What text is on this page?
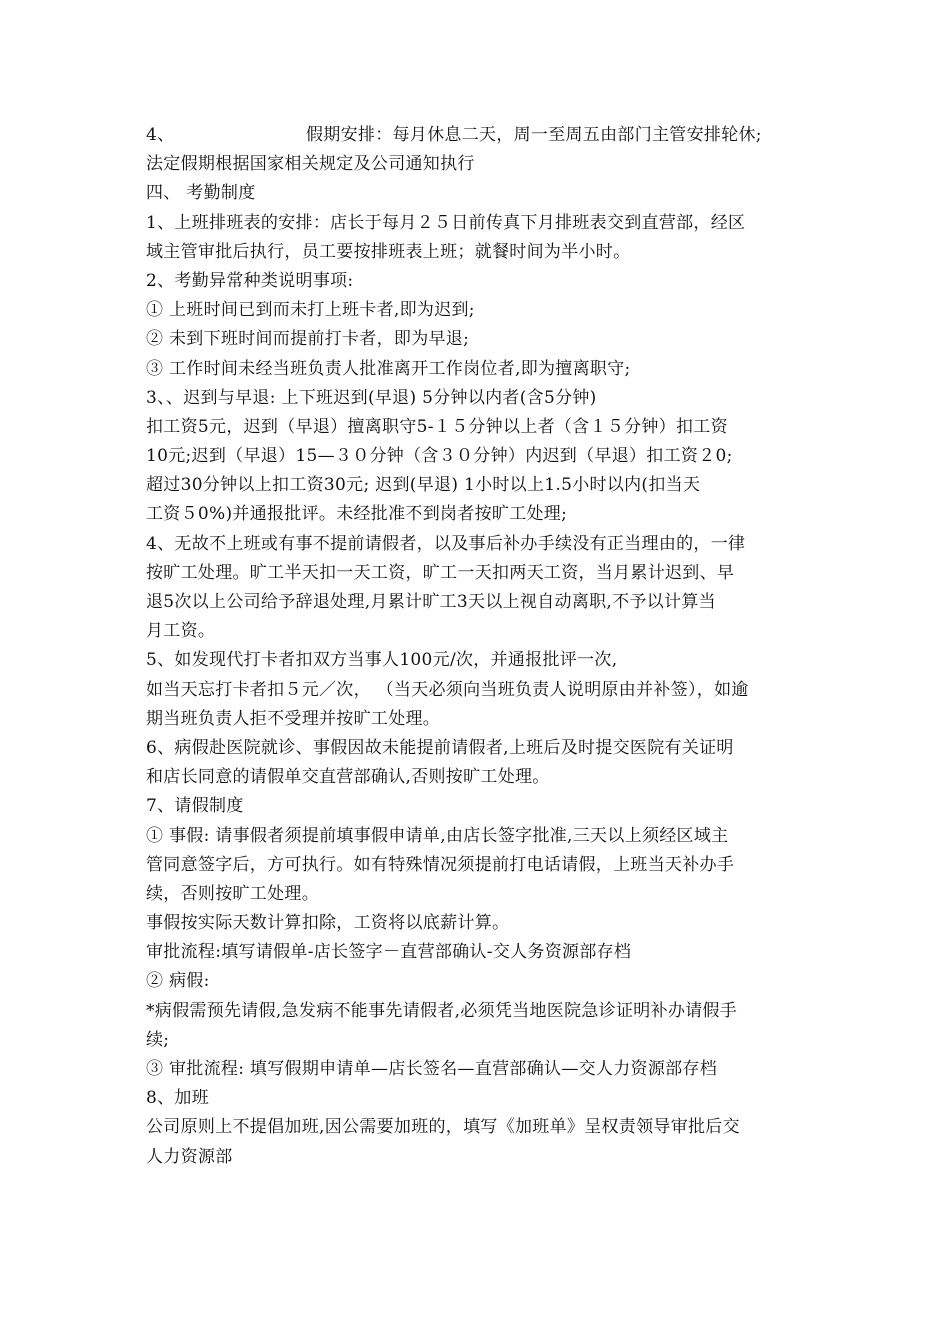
4、	假期安排：每月休息二天，周一至周五由部门主管安排轮休;
法定假期根据国家相关规定及公司通知执行
四、 考勤制度
1、上班排班表的安排：店长于每月２５日前传真下月排班表交到直营部，经区
域主管审批后执行，员工要按排班表上班；就餐时间为半小时。
2、考勤异常种类说明事项:
① 上班时间已到而未打上班卡者,即为迟到;
② 未到下班时间而提前打卡者，即为早退;
③ 工作时间未经当班负责人批准离开工作岗位者,即为擅离职守;
3、、迟到与早退: 上下班迟到(早退) 5分钟以内者(含5分钟)
扣工资5元，迟到（早退）擅离职守5-１５分钟以上者（含１５分钟）扣工资
10元;迟到（早退）15—３０分钟（含３０分钟）内迟到（早退）扣工资２0;
超过30分钟以上扣工资30元; 迟到(早退) 1小时以上1.5小时以内(扣当天
工资５0%)并通报批评。未经批准不到岗者按旷工处理;
4、无故不上班或有事不提前请假者，以及事后补办手续没有正当理由的，一律
按旷工处理。旷工半天扣一天工资，旷工一天扣两天工资，当月累计迟到、早
退5次以上公司给予辞退处理,月累计旷工3天以上视自动离职,不予以计算当
月工资。
5、如发现代打卡者扣双方当事人100元/次，并通报批评一次,
如当天忘打卡者扣５元／次， （当天必须向当班负责人说明原由并补签），如逾
期当班负责人拒不受理并按旷工处理。
6、病假赴医院就诊、事假因故未能提前请假者,上班后及时提交医院有关证明
和店长同意的请假单交直营部确认,否则按旷工处理。
7、请假制度
① 事假: 请事假者须提前填事假申请单,由店长签字批准,三天以上须经区域主
管同意签字后，方可执行。如有特殊情况须提前打电话请假，上班当天补办手
续，否则按旷工处理。
事假按实际天数计算扣除，工资将以底薪计算。
审批流程:填写请假单-店长签字－直营部确认-交人务资源部存档
② 病假:
*病假需预先请假,急发病不能事先请假者,必须凭当地医院急诊证明补办请假手
续;
③ 审批流程: 填写假期申请单—店长签名—直营部确认—交人力资源部存档
8、加班
公司原则上不提倡加班,因公需要加班的，填写《加班单》呈权责领导审批后交
人力资源部
